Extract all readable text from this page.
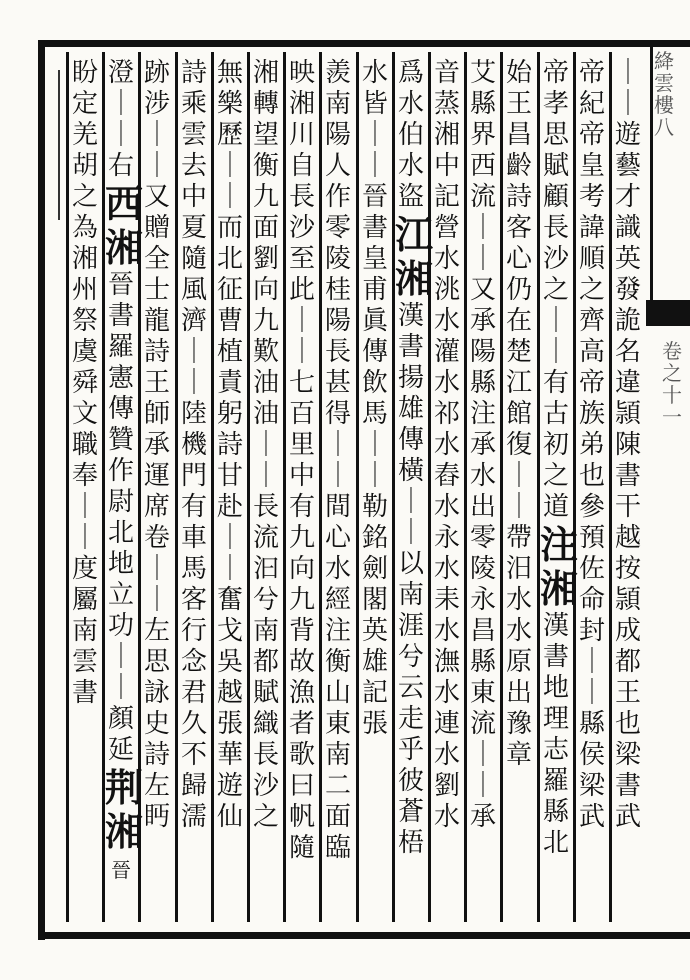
絳雲樓八
卷之十一
｜｜遊藝才識英發詭名違頴陳書干越按頴成都王也梁書武
帝紀帝皇考諱順之齊高帝族弟也參預佐命封｜｜縣侯梁武
帝孝思賦顧長沙之｜｜有古初之道注湘漢書地理志羅縣北
始王昌齡詩客心仍在楚江館復｜｜帶汨水水原出豫章
艾縣界西流｜｜又承陽縣注承水出零陵永昌縣東流｜｜承
音蒸湘中記營水洮水灌水祁水舂水永水耒水潕水連水劉水
爲水伯水盜江湘漢書揚雄傳橫｜｜以南涯兮云走乎彼蒼梧
水皆｜｜晉書皇甫眞傳飲馬｜｜勒銘劍閣英雄記張
羨南陽人作零陵桂陽長甚得｜｜間心水經注衡山東南二面臨
映湘川自長沙至此｜｜七百里中有九向九背故漁者歌曰帆隨
湘轉望衡九面劉向九歎油油｜｜長流汩兮南都賦織長沙之
無樂歷｜｜而北征曹植責躬詩甘赴｜｜奮戈吳越張華遊仙
詩乘雲去中夏隨風濟｜｜陸機門有車馬客行念君久不歸濡
跡涉｜｜又贈全士龍詩王師承運席卷｜｜左思詠史詩左眄
澄｜｜右西湘晉書羅憲傳贊作尉北地立功｜｜顏延荆湘晉
盼定羌胡之為湘州祭虞舜文職奉｜｜度屬南雲書
